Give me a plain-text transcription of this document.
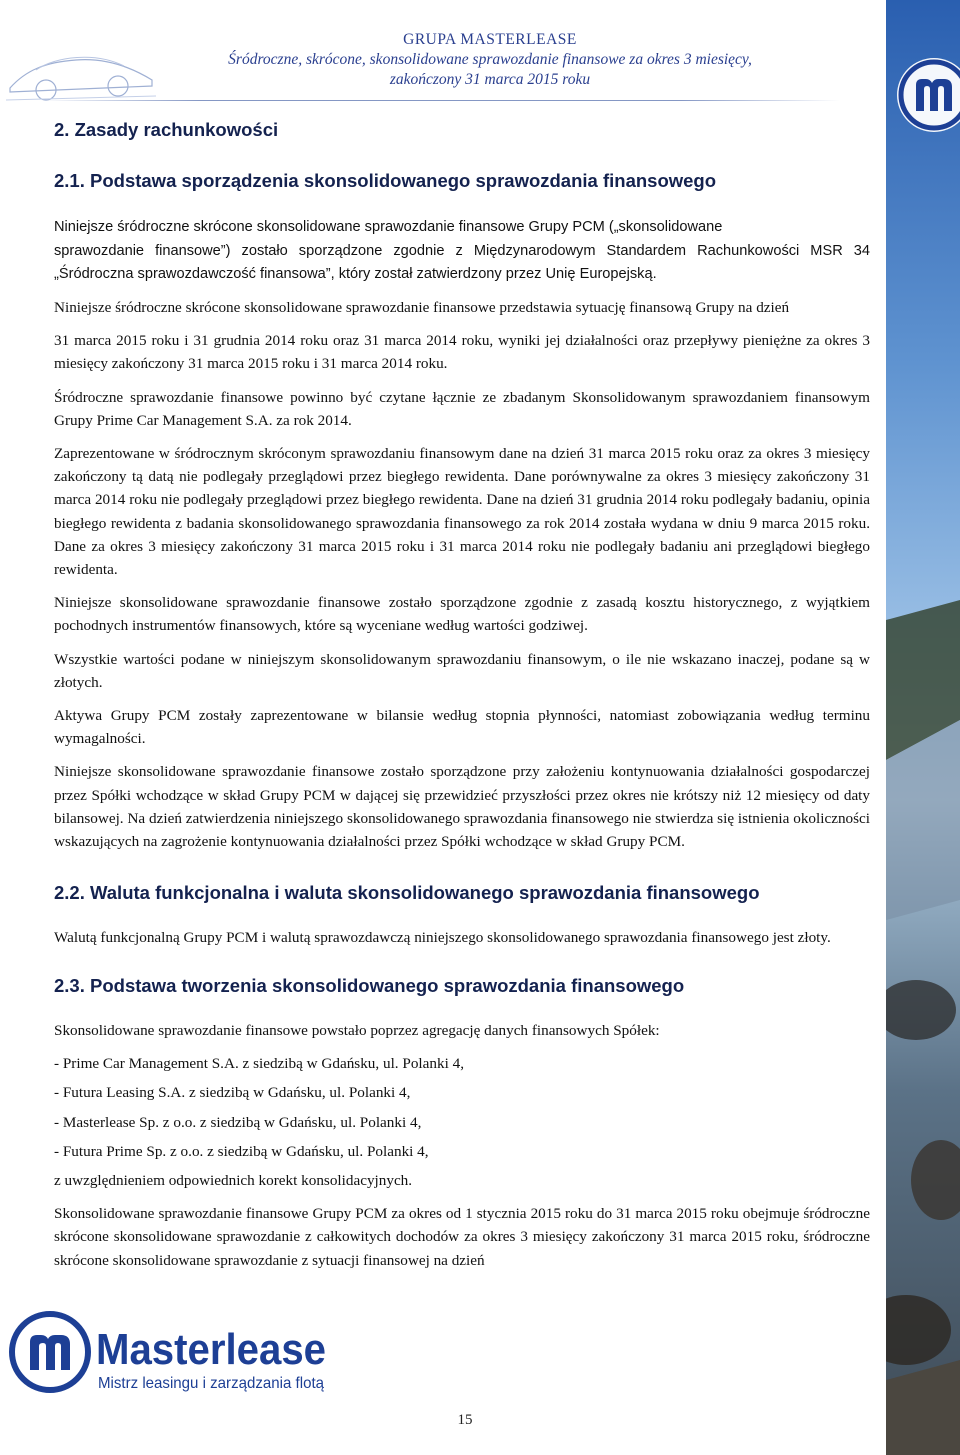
GRUPA MASTERLEASE
Śródroczne, skrócone, skonsolidowane sprawozdanie finansowe za okres 3 miesięcy,
zakończony 31 marca 2015 roku
2. Zasady rachunkowości
2.1. Podstawa sporządzenia skonsolidowanego sprawozdania finansowego

Niniejsze śródroczne skrócone skonsolidowane sprawozdanie finansowe Grupy PCM („skonsolidowane

sprawozdanie finansowe”) zostało sporządzone zgodnie z Międzynarodowym Standardem Rachunkowości MSR 34 „Śródroczna sprawozdawczość finansowa”, który został zatwierdzony przez Unię Europejską.

Niniejsze śródroczne skrócone skonsolidowane sprawozdanie finansowe przedstawia sytuację finansową Grupy na dzień

31 marca 2015 roku i 31 grudnia 2014 roku oraz 31 marca 2014 roku, wyniki jej działalności oraz przepływy pieniężne za okres 3 miesięcy zakończony 31 marca 2015 roku i 31 marca 2014 roku.

Śródroczne sprawozdanie finansowe powinno być czytane łącznie ze zbadanym Skonsolidowanym sprawozdaniem finansowym Grupy Prime Car Management S.A. za rok 2014.

Zaprezentowane w śródrocznym skróconym sprawozdaniu finansowym dane na dzień 31 marca 2015 roku oraz za okres 3 miesięcy zakończony tą datą nie podlegały przeglądowi przez biegłego rewidenta. Dane porównywalne za okres 3 miesięcy zakończony 31 marca 2014 roku nie podlegały przeglądowi przez biegłego rewidenta. Dane na dzień 31 grudnia 2014 roku podlegały badaniu, opinia biegłego rewidenta z badania skonsolidowanego sprawozdania finansowego za rok 2014 została wydana w dniu 9 marca 2015 roku. Dane za okres 3 miesięcy zakończony 31 marca 2015 roku i 31 marca 2014 roku nie podlegały badaniu ani przeglądowi biegłego rewidenta.

Niniejsze skonsolidowane sprawozdanie finansowe zostało sporządzone zgodnie z zasadą kosztu historycznego, z wyjątkiem pochodnych instrumentów finansowych, które są wyceniane według wartości godziwej.

Wszystkie wartości podane w niniejszym skonsolidowanym sprawozdaniu finansowym, o ile nie wskazano inaczej, podane są w złotych.

Aktywa Grupy PCM zostały zaprezentowane w bilansie według stopnia płynności, natomiast zobowiązania według terminu wymagalności.

Niniejsze skonsolidowane sprawozdanie finansowe zostało sporządzone przy założeniu kontynuowania działalności gospodarczej przez Spółki wchodzące w skład Grupy PCM w dającej się przewidzieć przyszłości przez okres nie krótszy niż 12 miesięcy od daty bilansowej. Na dzień zatwierdzenia niniejszego skonsolidowanego sprawozdania finansowego nie stwierdza się istnienia okoliczności wskazujących na zagrożenie kontynuowania działalności przez Spółki wchodzące w skład Grupy PCM.

2.2. Waluta funkcjonalna i waluta skonsolidowanego sprawozdania finansowego

Walutą funkcjonalną Grupy PCM i walutą sprawozdawczą niniejszego skonsolidowanego sprawozdania finansowego jest złoty.

2.3. Podstawa tworzenia skonsolidowanego sprawozdania finansowego

Skonsolidowane sprawozdanie finansowe powstało poprzez agregację danych finansowych Spółek:

- Prime Car Management S.A. z siedzibą w Gdańsku, ul. Polanki 4,

- Futura Leasing S.A. z siedzibą w Gdańsku, ul. Polanki 4,

- Masterlease Sp. z o.o. z siedzibą w Gdańsku, ul. Polanki 4,

- Futura Prime Sp. z o.o. z siedzibą w Gdańsku, ul. Polanki 4,

z uwzględnieniem odpowiednich korekt konsolidacyjnych.

Skonsolidowane sprawozdanie finansowe Grupy PCM za okres od 1 stycznia 2015 roku do 31 marca 2015 roku obejmuje śródroczne skrócone skonsolidowane sprawozdanie z całkowitych dochodów za okres 3 miesięcy zakończony 31 marca 2015 roku, śródroczne skrócone skonsolidowane sprawozdanie z sytuacji finansowej na dzień

Masterlease
Mistrz leasingu i zarządzania flotą
15
